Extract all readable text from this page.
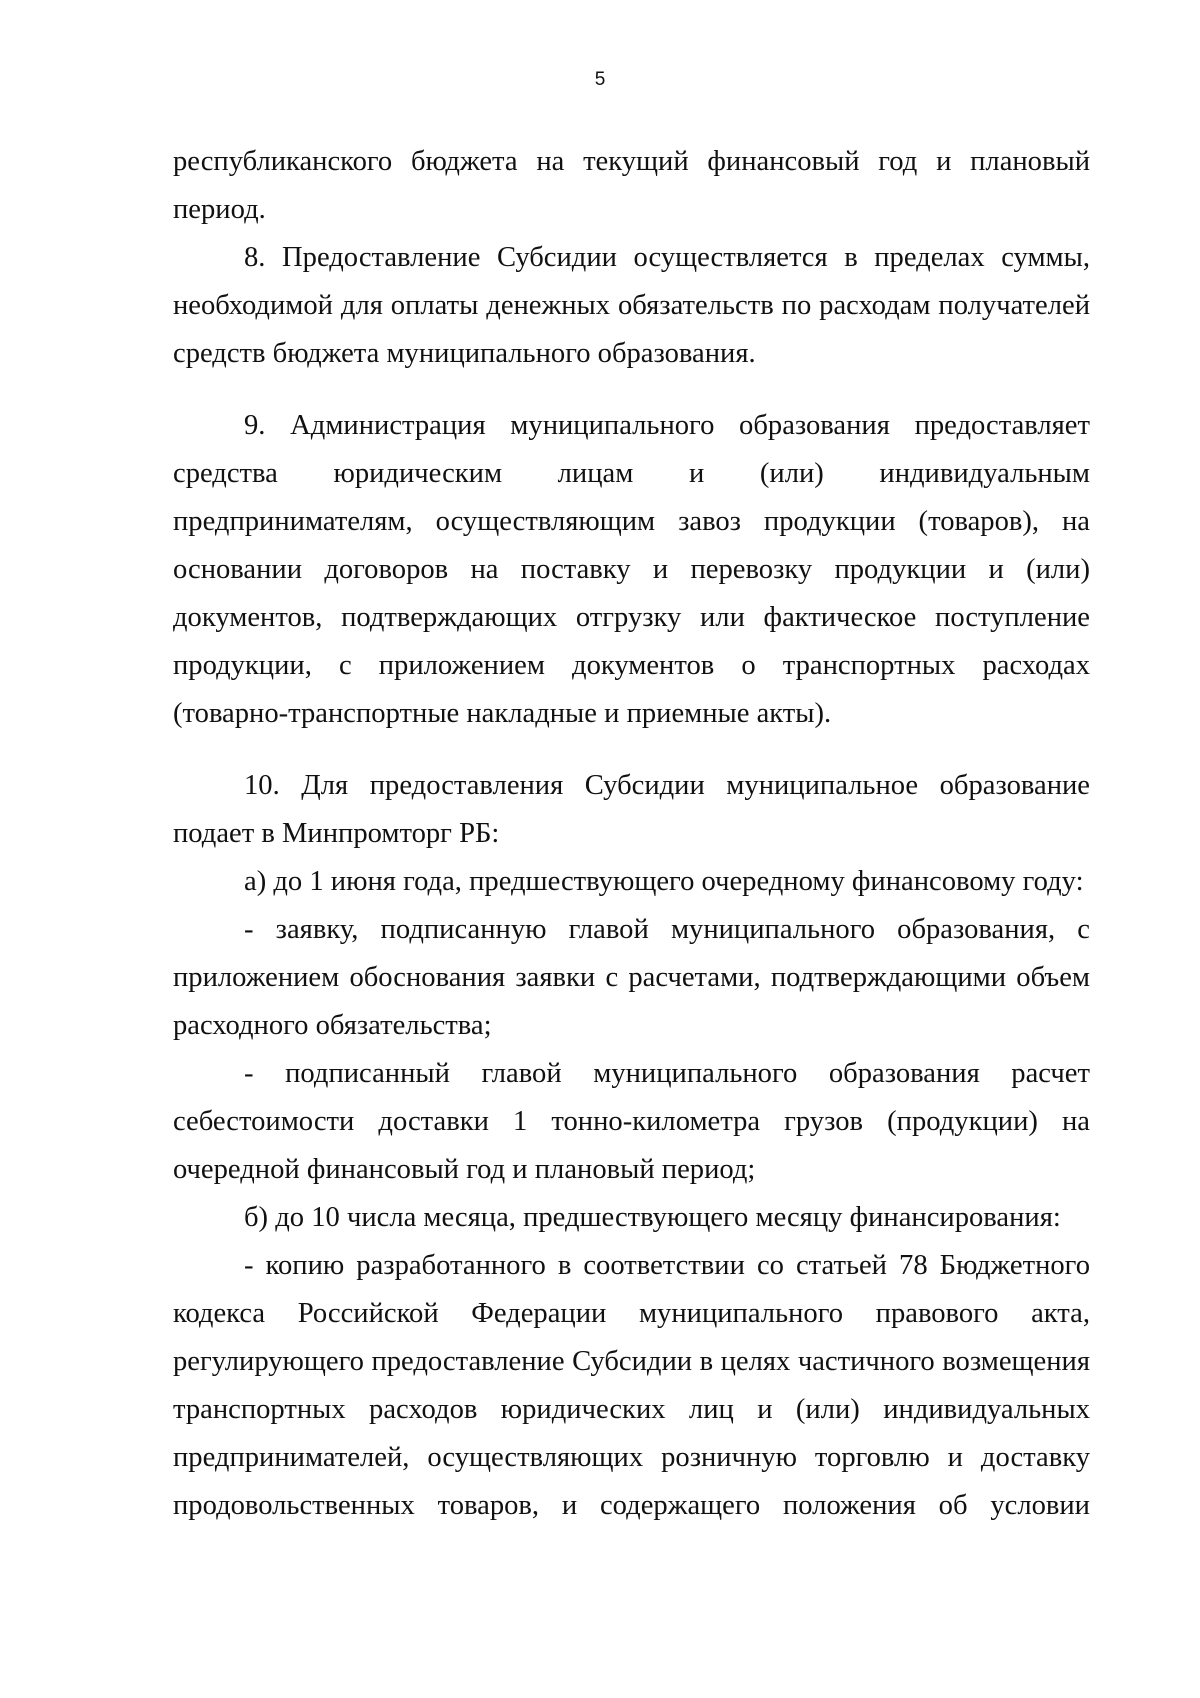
5

республиканского бюджета на текущий финансовый год и плановый период.

8. Предоставление Субсидии осуществляется в пределах суммы, необходимой для оплаты денежных обязательств по расходам получателей средств бюджета муниципального образования.

9. Администрация муниципального образования предоставляет средства юридическим лицам и (или) индивидуальным предпринимателям, осуществляющим завоз продукции (товаров), на основании договоров на поставку и перевозку продукции и (или) документов, подтверждающих отгрузку или фактическое поступление продукции, с приложением документов о транспортных расходах (товарно-транспортные накладные и приемные акты).

10. Для предоставления Субсидии муниципальное образование подает в Минпромторг РБ:

а) до 1 июня года, предшествующего очередному финансовому году:

- заявку, подписанную главой муниципального образования, с приложением обоснования заявки с расчетами, подтверждающими объем расходного обязательства;

- подписанный главой муниципального образования расчет себестоимости доставки 1 тонно-километра грузов (продукции) на очередной финансовый год и плановый период;

б) до 10 числа месяца, предшествующего месяцу финансирования:

- копию разработанного в соответствии со статьей 78 Бюджетного кодекса Российской Федерации муниципального правового акта, регулирующего предоставление Субсидии в целях частичного возмещения транспортных расходов юридических лиц и (или) индивидуальных предпринимателей, осуществляющих розничную торговлю и доставку продовольственных товаров, и содержащего положения об условии
